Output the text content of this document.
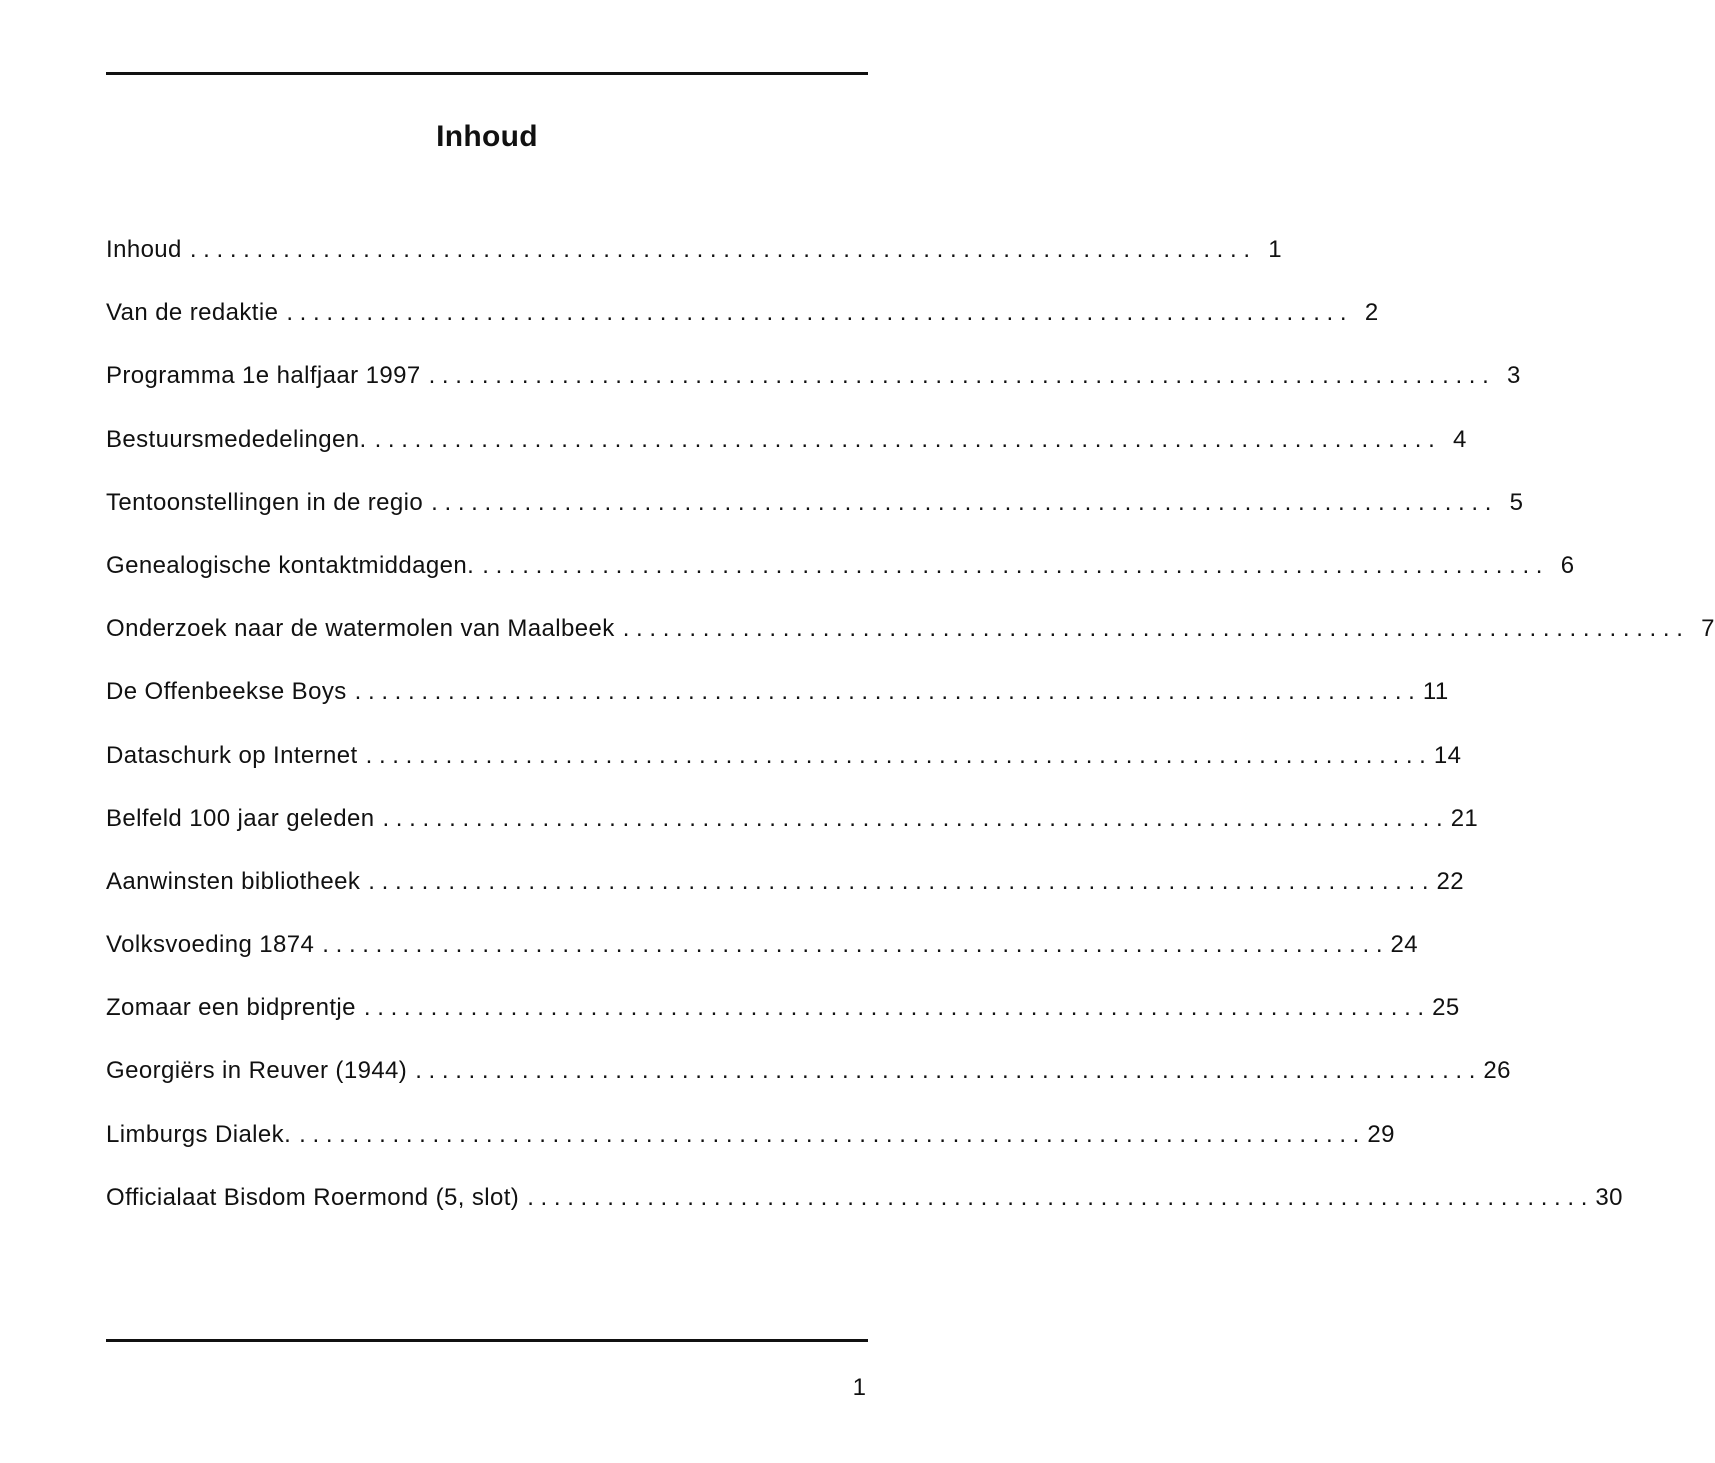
Inhoud
Inhoud . . . . . . . . . . . . . . . . . . . . . . . . . . . . . . . . . . . . . . . . . . . . . . . . . . . . . . . . . . . . . . . . . . . . . . . . . . . . . . . . 1
Van de redaktie . . . . . . . . . . . . . . . . . . . . . . . . . . . . . . . . . . . . . . . . . . . . . . . . . . . . . . . . . . . . . . . . . . . . . . . . . . . . . . . . 2
Programma 1e halfjaar 1997 . . . . . . . . . . . . . . . . . . . . . . . . . . . . . . . . . . . . . . . . . . . . . . . . . . . . . . . . . . . . . . . . . . . . . . . . . . . . . . . . 3
Bestuursmededelingen. . . . . . . . . . . . . . . . . . . . . . . . . . . . . . . . . . . . . . . . . . . . . . . . . . . . . . . . . . . . . . . . . . . . . . . . . . . . . . . . . 4
Tentoonstellingen in de regio . . . . . . . . . . . . . . . . . . . . . . . . . . . . . . . . . . . . . . . . . . . . . . . . . . . . . . . . . . . . . . . . . . . . . . . . . . . . . . . . 5
Genealogische kontaktmiddagen. . . . . . . . . . . . . . . . . . . . . . . . . . . . . . . . . . . . . . . . . . . . . . . . . . . . . . . . . . . . . . . . . . . . . . . . . . . . . . . . . 6
Onderzoek naar de watermolen van Maalbeek . . . . . . . . . . . . . . . . . . . . . . . . . . . . . . . . . . . . . . . . . . . . . . . . . . . . . . . . . . . . . . . . . . . . . . . . . . . . . . . . 7
De Offenbeekse Boys . . . . . . . . . . . . . . . . . . . . . . . . . . . . . . . . . . . . . . . . . . . . . . . . . . . . . . . . . . . . . . . . . . . . . . . . . . . . . . . . 11
Dataschurk op Internet . . . . . . . . . . . . . . . . . . . . . . . . . . . . . . . . . . . . . . . . . . . . . . . . . . . . . . . . . . . . . . . . . . . . . . . . . . . . . . . . 14
Belfeld 100 jaar geleden . . . . . . . . . . . . . . . . . . . . . . . . . . . . . . . . . . . . . . . . . . . . . . . . . . . . . . . . . . . . . . . . . . . . . . . . . . . . . . . . 21
Aanwinsten bibliotheek . . . . . . . . . . . . . . . . . . . . . . . . . . . . . . . . . . . . . . . . . . . . . . . . . . . . . . . . . . . . . . . . . . . . . . . . . . . . . . . . 22
Volksvoeding 1874 . . . . . . . . . . . . . . . . . . . . . . . . . . . . . . . . . . . . . . . . . . . . . . . . . . . . . . . . . . . . . . . . . . . . . . . . . . . . . . . . 24
Zomaar een bidprentje . . . . . . . . . . . . . . . . . . . . . . . . . . . . . . . . . . . . . . . . . . . . . . . . . . . . . . . . . . . . . . . . . . . . . . . . . . . . . . . . 25
Georgiërs in Reuver (1944) . . . . . . . . . . . . . . . . . . . . . . . . . . . . . . . . . . . . . . . . . . . . . . . . . . . . . . . . . . . . . . . . . . . . . . . . . . . . . . . . 26
Limburgs Dialek. . . . . . . . . . . . . . . . . . . . . . . . . . . . . . . . . . . . . . . . . . . . . . . . . . . . . . . . . . . . . . . . . . . . . . . . . . . . . . . . . 29
Officialaat Bisdom Roermond (5, slot) . . . . . . . . . . . . . . . . . . . . . . . . . . . . . . . . . . . . . . . . . . . . . . . . . . . . . . . . . . . . . . . . . . . . . . . . . . . . . . . . 30
1
